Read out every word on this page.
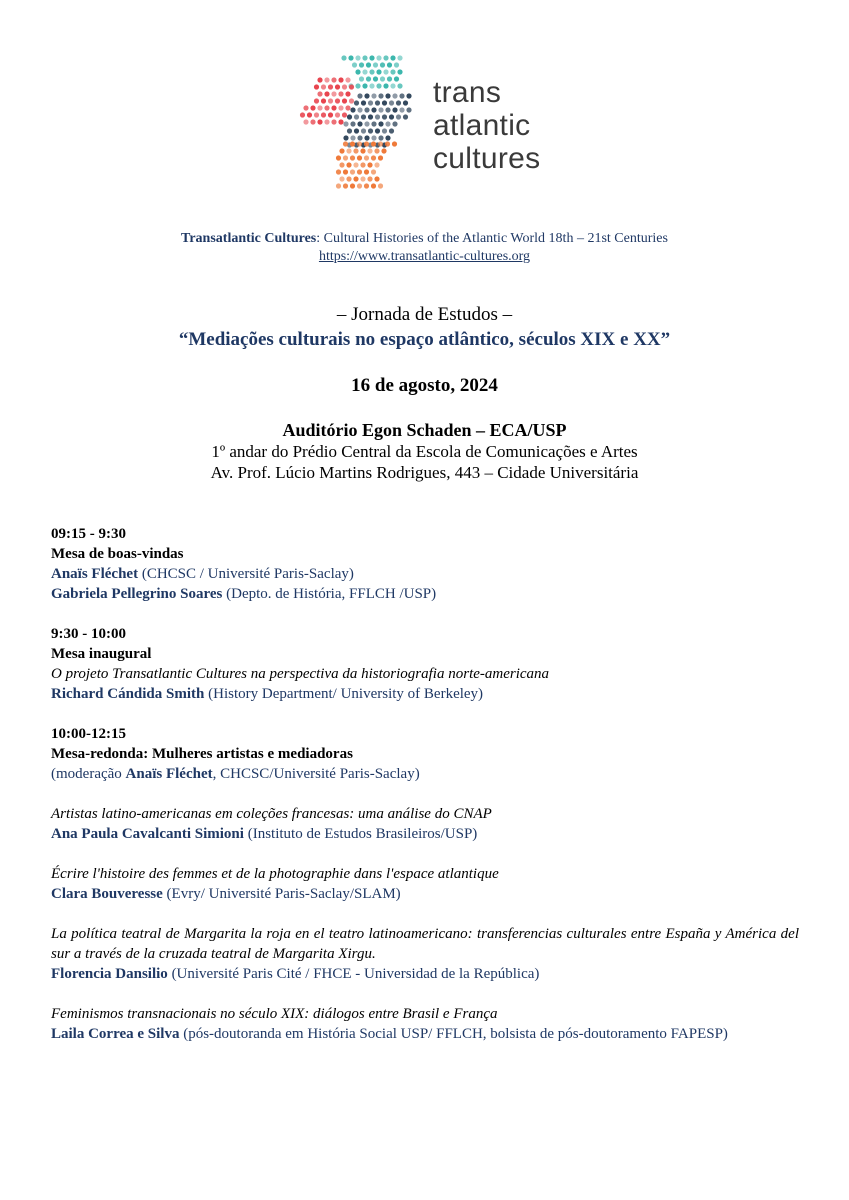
trans
atlantic
cultures
Transatlantic Cultures: Cultural Histories of the Atlantic World 18th – 21st Centuries
https://www.transatlantic-cultures.org
– Jornada de Estudos –
“Mediações culturais no espaço atlântico, séculos XIX e XX”
16 de agosto, 2024
Auditório Egon Schaden – ECA/USP
1º andar do Prédio Central da Escola de Comunicações e Artes
Av. Prof. Lúcio Martins Rodrigues, 443 – Cidade Universitária
09:15 - 9:30
Mesa de boas-vindas
Anaïs Fléchet (CHCSC / Université Paris-Saclay)
Gabriela Pellegrino Soares (Depto. de História, FFLCH /USP)
9:30 - 10:00
Mesa inaugural
O projeto Transatlantic Cultures na perspectiva da historiografia norte-americana
Richard Cándida Smith (History Department/ University of Berkeley)
10:00-12:15
Mesa-redonda: Mulheres artistas e mediadoras
(moderação Anaïs Fléchet, CHCSC/Université Paris-Saclay)
Artistas latino-americanas em coleções francesas: uma análise do CNAP
Ana Paula Cavalcanti Simioni (Instituto de Estudos Brasileiros/USP)
Écrire l'histoire des femmes et de la photographie dans l'espace atlantique
Clara Bouveresse (Evry/ Université Paris-Saclay/SLAM)
La política teatral de Margarita la roja en el teatro latinoamericano: transferencias culturales entre España y América del sur a través de la cruzada teatral de Margarita Xirgu.
Florencia Dansilio (Université Paris Cité / FHCE - Universidad de la República)
Feminismos transnacionais no século XIX: diálogos entre Brasil e França
Laila Correa e Silva (pós-doutoranda em História Social USP/ FFLCH, bolsista de pós-doutoramento FAPESP)
